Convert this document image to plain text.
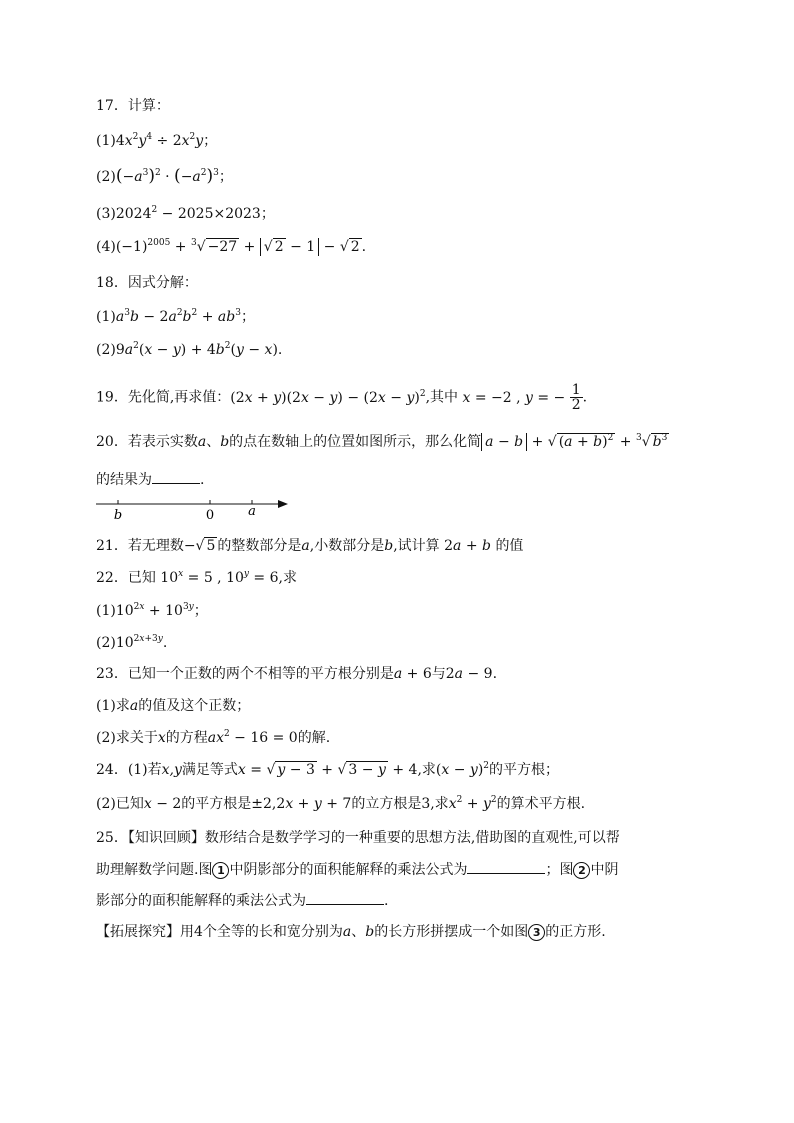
17．计算：
$(1)4x^2y^4 \div 2x^2y$；
$(2)(-a^3)^2 \cdot (-a^2)^3$；
$(3)2024^2 - 2025\times 2023$；
$(4)(-1)^{2005} + ^3√ -27$ + √ 2 − 1 − √ 2 .
18．因式分解：
$(1)a^3b - 2a^2b^2 + ab^3$；
$(2)9a^2(x - y) + 4b^2(y - x)$.
19．先化简,再求值：$(2x + y)(2x - y) - (2x - y)^2$,其中 x = −2 , y = − $\frac{1}{2}$ .
20．若表示实数a、b的点在数轴上的位置如图所示，那么化简 a − b + √ $(a + b)^2 + ^3√$ $b^3$
的结果为	.
b	0	a
21．若无理数−√ 5 的整数部分是a,小数部分是b,试计算 2a + b 的值
22．已知 $10^x = 5$ , $10^y = 6$,求
$(1)10^{2x} + 10^{3y}$；
$(2)10^{2x+3y}$.
23．已知一个正数的两个不相等的平方根分别是a + 6与2a − 9.
(1)求a的值及这个正数；
(2)求关于x的方程$ax^2 - 16 = 0$的解.
24．(1)若x,y满足等式x = √ y − 3 + √ 3 − y + 4,求$(x - y)^2$的平方根；
(2)已知x − 2的平方根是±2,2x + y + 7的立方根是3,求$x^2 + y^2$的算术平方根.
25．【知识回顾】数形结合是数学学习的一种重要的思想方法,借助图的直观性,可以帮
助理解数学问题.图 1 中阴影部分的面积能解释的乘法公式为	；图 2 中阴
影部分的面积能解释的乘法公式为	.
【拓展探究】用4个全等的长和宽分别为a、b的长方形拼摆成一个如图 3 的正方形.
